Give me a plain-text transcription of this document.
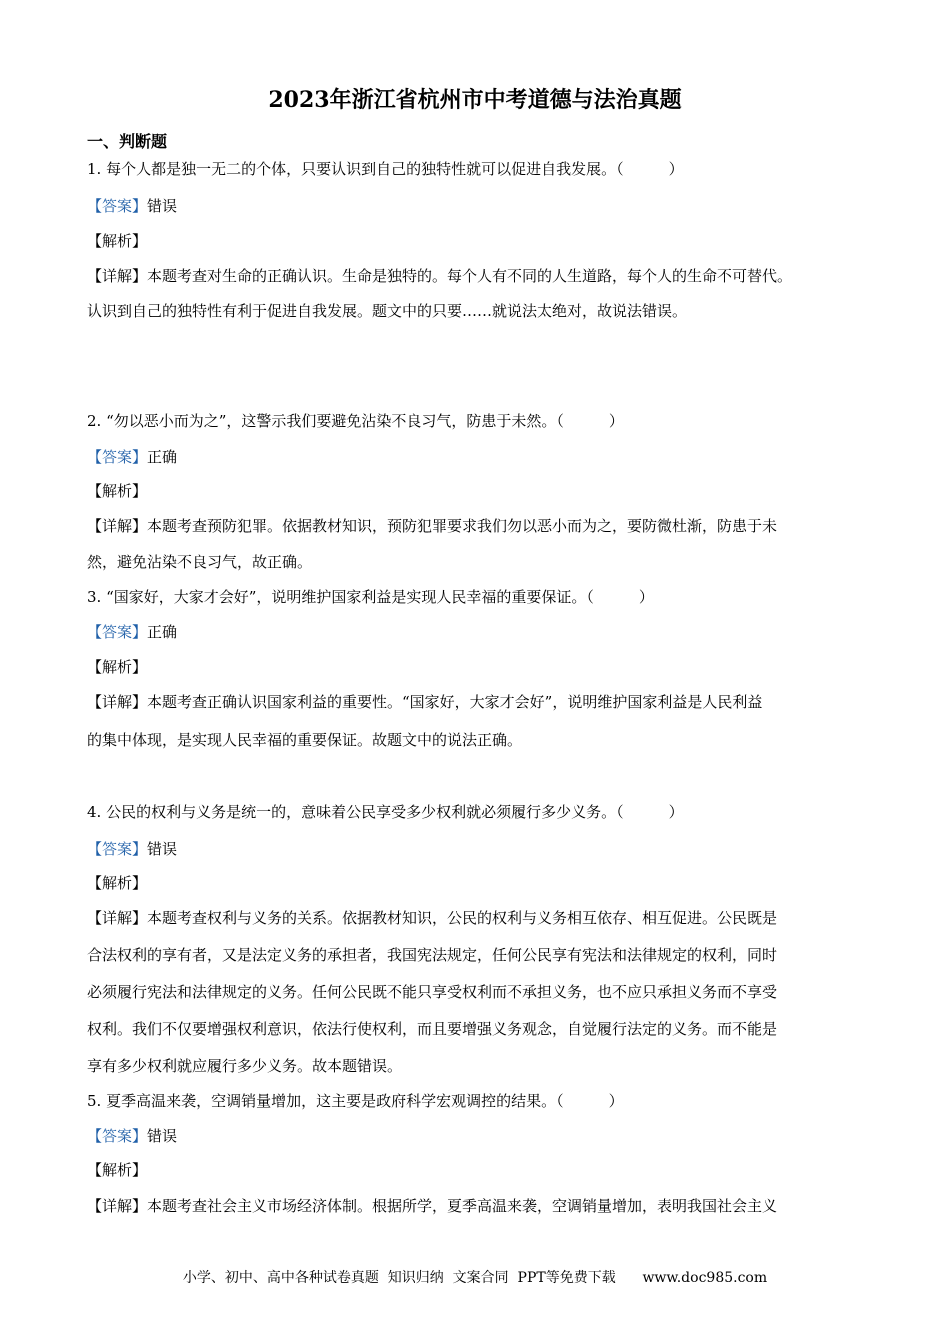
2023年浙江省杭州市中考道德与法治真题
一、判断题
1. 每个人都是独一无二的个体，只要认识到自己的独特性就可以促进自我发展。（　　　）
【答案】错误
【解析】
【详解】本题考查对生命的正确认识。生命是独特的。每个人有不同的人生道路，每个人的生命不可替代。
认识到自己的独特性有利于促进自我发展。题文中的只要……就说法太绝对，故说法错误。
2. “勿以恶小而为之”，这警示我们要避免沾染不良习气，防患于未然。（　　　）
【答案】正确
【解析】
【详解】本题考查预防犯罪。依据教材知识，预防犯罪要求我们勿以恶小而为之，要防微杜渐，防患于未
然，避免沾染不良习气，故正确。
3. “国家好，大家才会好”，说明维护国家利益是实现人民幸福的重要保证。（　　　）
【答案】正确
【解析】
【详解】本题考查正确认识国家利益的重要性。“国家好，大家才会好”，说明维护国家利益是人民利益
的集中体现，是实现人民幸福的重要保证。故题文中的说法正确。
4. 公民的权利与义务是统一的，意味着公民享受多少权利就必须履行多少义务。（　　　）
【答案】错误
【解析】
【详解】本题考查权利与义务的关系。依据教材知识，公民的权利与义务相互依存、相互促进。公民既是
合法权利的享有者，又是法定义务的承担者，我国宪法规定，任何公民享有宪法和法律规定的权利，同时
必须履行宪法和法律规定的义务。任何公民既不能只享受权利而不承担义务，也不应只承担义务而不享受
权利。我们不仅要增强权利意识，依法行使权利，而且要增强义务观念，自觉履行法定的义务。而不能是
享有多少权利就应履行多少义务。故本题错误。
5. 夏季高温来袭，空调销量增加，这主要是政府科学宏观调控的结果。（　　　）
【答案】错误
【解析】
【详解】本题考查社会主义市场经济体制。根据所学，夏季高温来袭，空调销量增加，表明我国社会主义
小学、初中、高中各种试卷真题  知识归纳  文案合同  PPT等免费下载      www.doc985.com
